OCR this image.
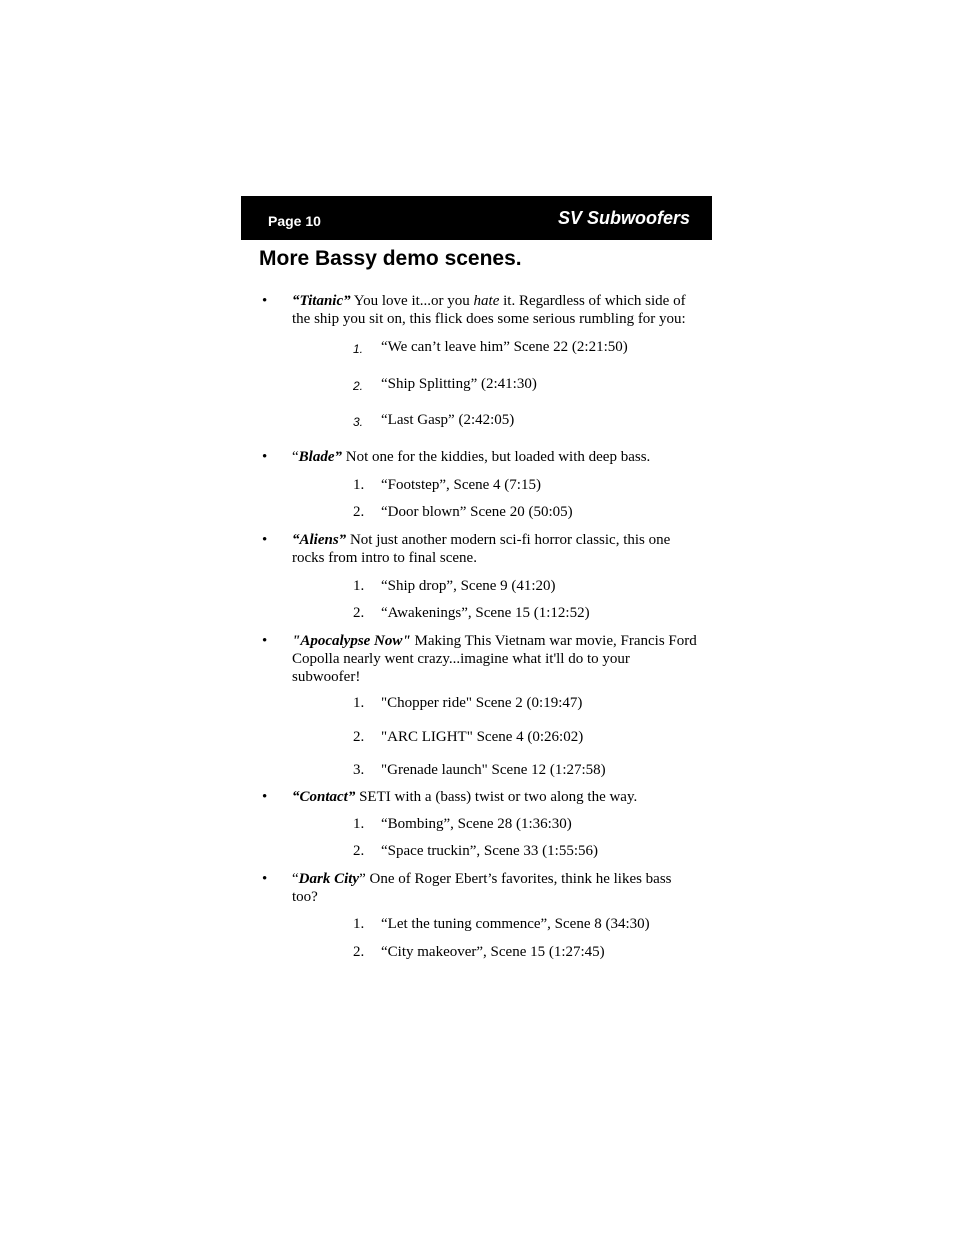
Page 10	SV Subwoofers
More Bassy demo scenes.
• “Titanic” You love it...or you hate it. Regardless of which side of the ship you sit on, this flick does some serious rumbling for you:

1. “We can’t leave him” Scene 22 (2:21:50)
2. “Ship Splitting” (2:41:30)
3. “Last Gasp” (2:42:05)
• “Blade” Not one for the kiddies, but loaded with deep bass.

1. “Footstep”, Scene 4 (7:15)
2. “Door blown” Scene 20 (50:05)
• “Aliens” Not just another modern sci-fi horror classic, this one rocks from intro to final scene.

1. “Ship drop”, Scene 9 (41:20)
2. “Awakenings”, Scene 15 (1:12:52)
• "Apocalypse Now" Making This Vietnam war movie, Francis Ford Copolla nearly went crazy...imagine what it'll do to your subwoofer!

1. "Chopper ride" Scene 2 (0:19:47)
2. "ARC LIGHT" Scene 4 (0:26:02)
3. "Grenade launch" Scene 12 (1:27:58)
• “Contact” SETI with a (bass) twist or two along the way.

1. “Bombing”, Scene 28 (1:36:30)
2. “Space truckin”, Scene 33 (1:55:56)
• “Dark City” One of Roger Ebert’s favorites, think he likes bass too?

1. “Let the tuning commence”, Scene 8 (34:30)
2. “City makeover”, Scene 15 (1:27:45)
